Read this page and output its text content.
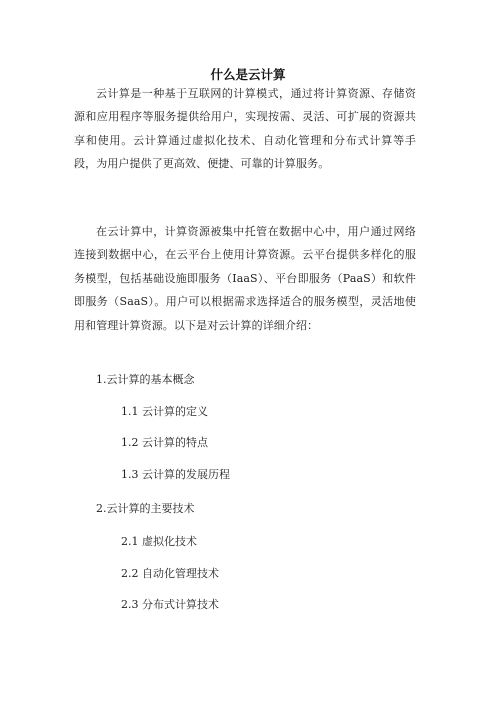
什么是云计算
云计算是一种基于互联网的计算模式，通过将计算资源、存储资源和应用程序等服务提供给用户，实现按需、灵活、可扩展的资源共享和使用。云计算通过虚拟化技术、自动化管理和分布式计算等手段，为用户提供了更高效、便捷、可靠的计算服务。
在云计算中，计算资源被集中托管在数据中心中，用户通过网络连接到数据中心，在云平台上使用计算资源。云平台提供多样化的服务模型，包括基础设施即服务（IaaS）、平台即服务（PaaS）和软件即服务（SaaS）。用户可以根据需求选择适合的服务模型，灵活地使用和管理计算资源。以下是对云计算的详细介绍：
1.云计算的基本概念
1.1 云计算的定义
1.2 云计算的特点
1.3 云计算的发展历程
2.云计算的主要技术
2.1 虚拟化技术
2.2 自动化管理技术
2.3 分布式计算技术
